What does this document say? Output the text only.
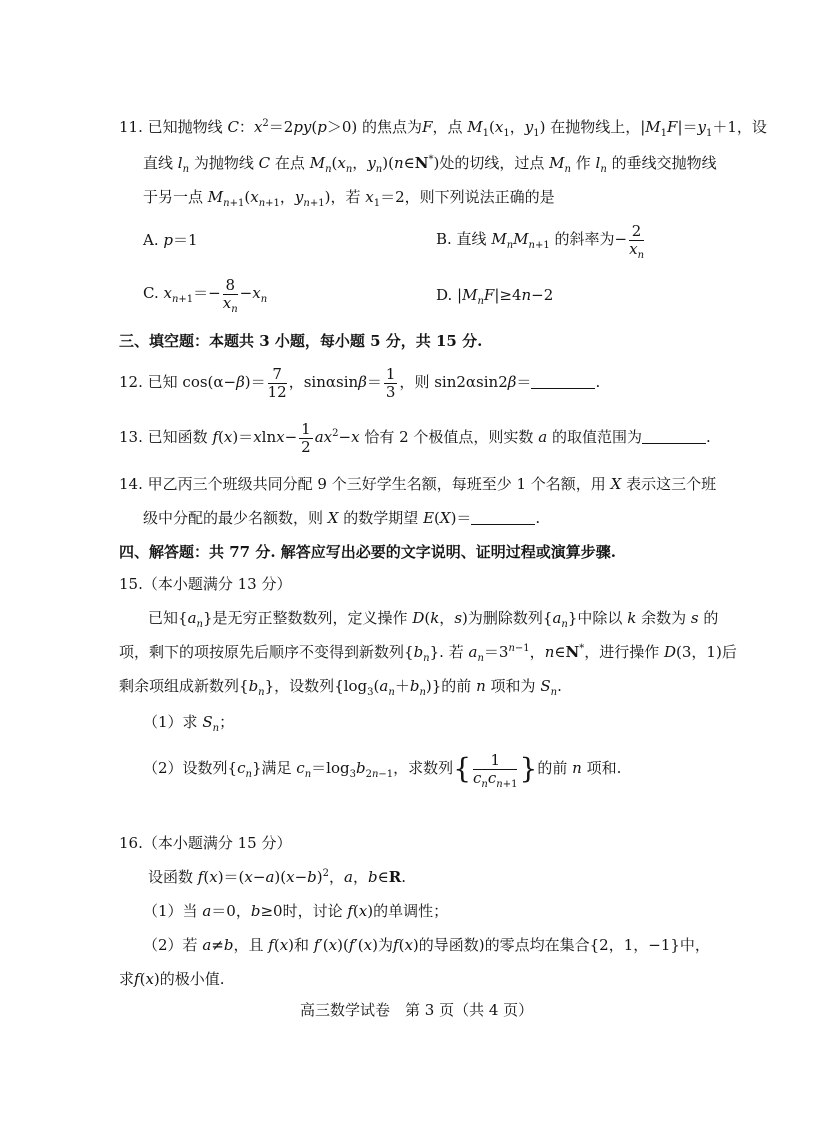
11. 已知抛物线 C：$x^2=2py(p>0)$ 的焦点为F，点 $M_1(x_1$，$y_1$) 在抛物线上，$|M_1F|=y_1+1$，设
直线 $l_n$ 为抛物线 C 在点 $M_n(x_n$，$y_n)(n\in N^*)$处的切线，过点 $M_n$ 作 $l_n$ 的垂线交抛物线
于另一点 $M_{n+1}(x_{n+1}$，$y_{n+1}$)，若 $x_1=2$，则下列说法正确的是
A. p＝1	B. 直线 $M_nM_{n+1}$ 的斜率为− $\frac{2}{x_n}$
C. $x_{n+1}=- \frac{8}{x_n} -x_n$	D. $|M_nF|\ge 4n-2$
三、填空题：本题共 3 小题，每小题 5 分，共 15 分.
12. 已知 $\cos(\alpha-\beta)= \frac{7}{12}$ ，$\sin\alpha\sin\beta= \frac{1}{3}$ ，则 sin2αsin2β＝	.
13. 已知函数 $f(x)=xlnx- \frac{1}{2} ax^2-x$ 恰有 2 个极值点，则实数 a 的取值范围为	.
14. 甲乙丙三个班级共同分配 9 个三好学生名额，每班至少 1 个名额，用 X 表示这三个班
级中分配的最少名额数，则 X 的数学期望 E(X)＝	.
四、解答题：共 77 分. 解答应写出必要的文字说明、证明过程或演算步骤.
15.（本小题满分 13 分）
已知$\{a_n\}$是无穷正整数数列，定义操作 D(k，s)为删除数列$\{a_n\}$中除以 k 余数为 s 的
项，剩下的项按原先后顺序不变得到新数列$\{b_n\}$. 若 $a_n=3^{n-1}$，n∈N*，进行操作 D(3，1)后
剩余项组成新数列$\{b_n\}$，设数列$\{\log_3(a_n+b_n)\}$的前 n 项和为 $S_n$.
（1）求 $S_n$；
（2）设数列$\{c_n\}$满足 $c_n=\log_3b_{2n-1}$，求数列{ $\frac{1}{c_nc_{n+1}}$ }的前 n 项和.
16.（本小题满分 15 分）
设函数 $f(x)=(x-a)(x-b)^2$，a，b∈R.
（1）当 a＝0，b≥0时，讨论 f(x)的单调性；
（2）若 a≠b，且 f(x)和 f′(x)(f′(x)为f(x)的导函数)的零点均在集合{2，1，−1}中，
求f(x)的极小值.
高三数学试卷　第 3 页（共 4 页）
